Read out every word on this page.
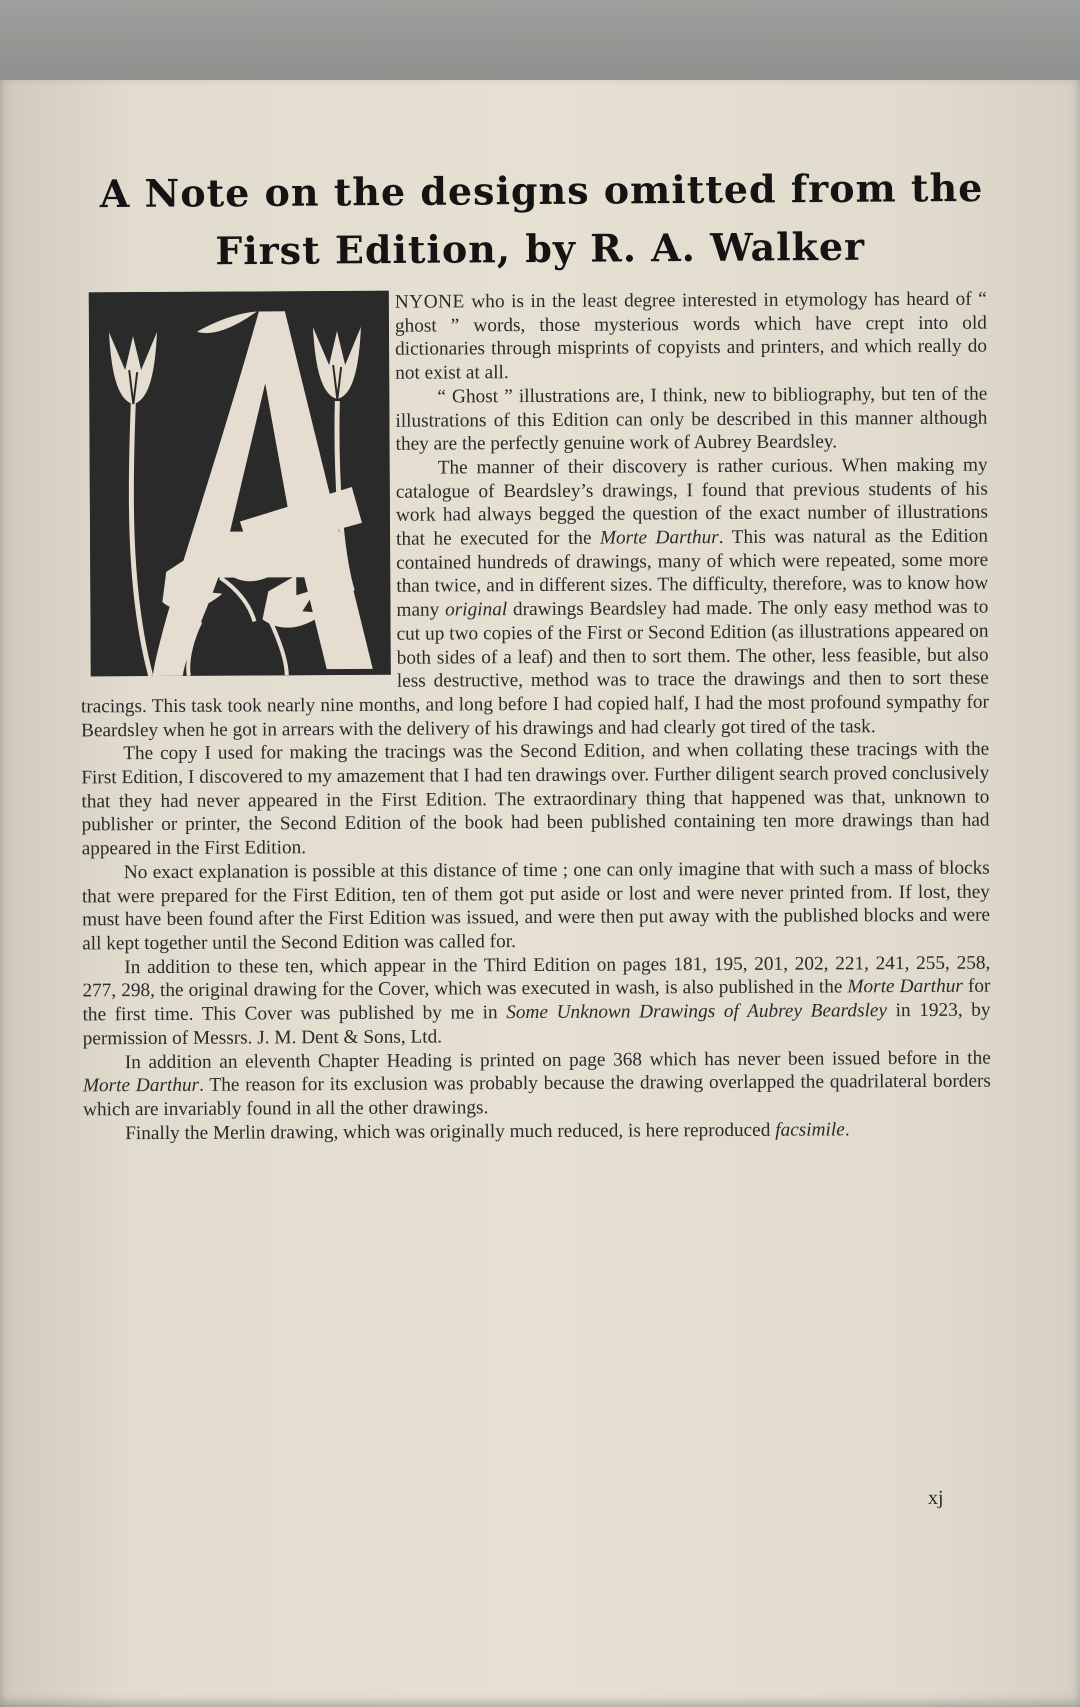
A Note on the designs omitted from the
First Edition, by R. A. Walker

NYONE who is in the least degree interested in etymology has heard of “ ghost ” words, those mysterious words which have crept into old dictionaries through misprints of copyists and printers, and which really do not exist at all.

“ Ghost ” illustrations are, I think, new to bibliography, but ten of the illustrations of this Edition can only be described in this manner although they are the perfectly genuine work of Aubrey Beardsley.

The manner of their discovery is rather curious. When making my catalogue of Beardsley’s drawings, I found that previous students of his work had always begged the question of the exact number of illustrations that he executed for the Morte Darthur. This was natural as the Edition contained hundreds of drawings, many of which were repeated, some more than twice, and in different sizes. The difficulty, therefore, was to know how many original drawings Beardsley had made. The only easy method was to cut up two copies of the First or Second Edition (as illustrations appeared on both sides of a leaf) and then to sort them. The other, less feasible, but also less destructive, method was to trace the drawings and then to sort these tracings. This task took nearly nine months, and long before I had copied half, I had the most profound sympathy for Beardsley when he got in arrears with the delivery of his drawings and had clearly got tired of the task.

The copy I used for making the tracings was the Second Edition, and when collating these tracings with the First Edition, I discovered to my amazement that I had ten drawings over. Further diligent search proved conclusively that they had never appeared in the First Edition. The extraordinary thing that happened was that, unknown to publisher or printer, the Second Edition of the book had been published containing ten more drawings than had appeared in the First Edition.

No exact explanation is possible at this distance of time ; one can only imagine that with such a mass of blocks that were prepared for the First Edition, ten of them got put aside or lost and were never printed from. If lost, they must have been found after the First Edition was issued, and were then put away with the published blocks and were all kept together until the Second Edition was called for.

In addition to these ten, which appear in the Third Edition on pages 181, 195, 201, 202, 221, 241, 255, 258, 277, 298, the original drawing for the Cover, which was executed in wash, is also published in the Morte Darthur for the first time. This Cover was published by me in Some Unknown Drawings of Aubrey Beardsley in 1923, by permission of Messrs. J. M. Dent & Sons, Ltd.

In addition an eleventh Chapter Heading is printed on page 368 which has never been issued before in the Morte Darthur. The reason for its exclusion was probably because the drawing overlapped the quadrilateral borders which are invariably found in all the other drawings.

Finally the Merlin drawing, which was originally much reduced, is here reproduced facsimile.

xj
